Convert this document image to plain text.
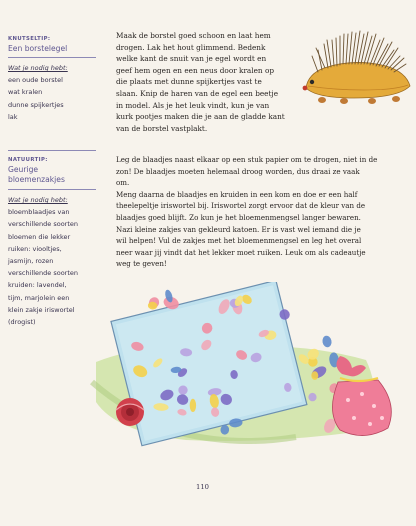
KNUTSELTIP:

Een borstelegel

Wat je nodig hebt:
een oude borstel
wat kralen
dunne spijkertjes
lak

Maak de borstel goed schoon en laat hem

drogen. Lak het hout glimmend. Bedenk

welke kant de snuit van je egel wordt en

geef hem ogen en een neus door kralen op

die plaats met dunne spijkertjes vast te

slaan. Knip de haren van de egel een beetje

in model. Als je het leuk vindt, kun je van

kurk pootjes maken die je aan de gladde kant

van de borstel vastplakt.

NATUURTIP:

Geurige
bloemenzakjes
Wat je nodig hebt:
bloemblaadjes van
verschillende soorten
bloemen die lekker
ruiken: viooltjes,
jasmijn, rozen
verschillende soorten
kruiden: lavendel,
tijm, marjolein een
klein zakje iriswortel
(drogist)

Leg de blaadjes naast elkaar op een stuk papier om te drogen, niet in de

zon! De blaadjes moeten helemaal droog worden, dus draai ze vaak

om.

Meng daarna de blaadjes en kruiden in een kom en doe er een half

theelepeltje iriswortel bij. Iriswortel zorgt ervoor dat de kleur van de

blaadjes goed blijft. Zo kun je het bloemenmengsel langer bewaren.

Nazi kleine zakjes van gekleurd katoen. Er is vast wel iemand die je

wil helpen! Vul de zakjes met het bloemenmengsel en leg het overal

neer waar jij vindt dat het lekker moet ruiken. Leuk om als cadeautje

weg te geven!

110
